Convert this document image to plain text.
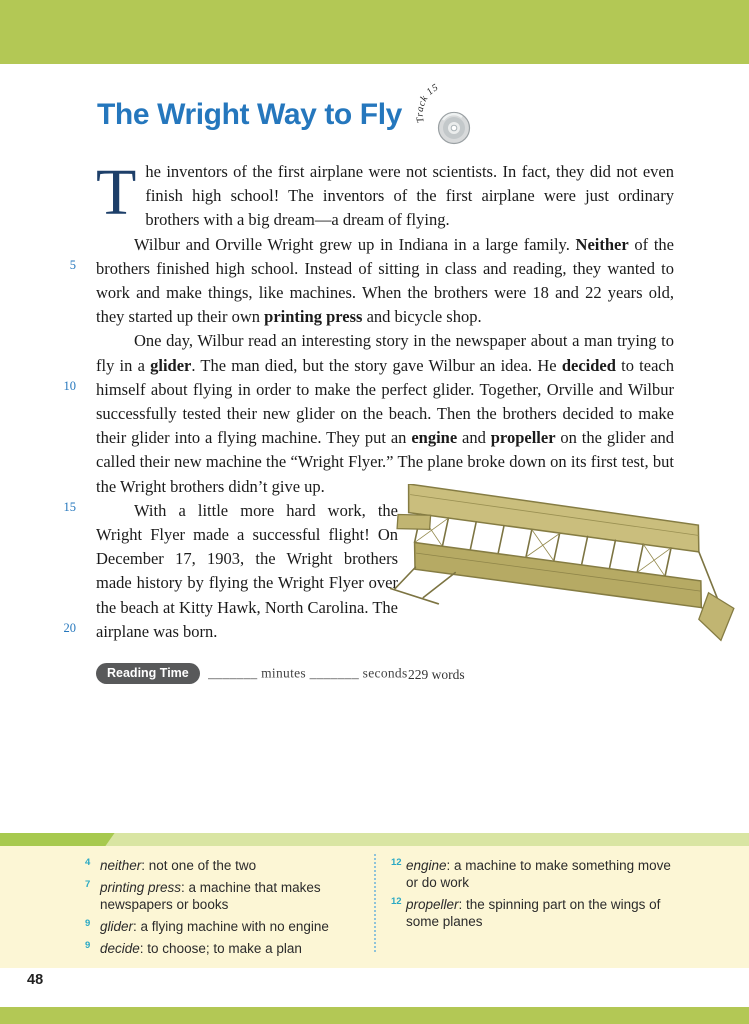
The Wright Way to Fly Track 15
5
10
15
20

The inventors of the first airplane were not scientists. In fact, they did not even finish high school! The inventors of the first airplane were just ordinary brothers with a big dream—a dream of flying.

Wilbur and Orville Wright grew up in Indiana in a large family. Neither of the brothers finished high school. Instead of sitting in class and reading, they wanted to work and make things, like machines. When the brothers were 18 and 22 years old, they started up their own printing press and bicycle shop.

One day, Wilbur read an interesting story in the newspaper about a man trying to fly in a glider. The man died, but the story gave Wilbur an idea. He decided to teach himself about flying in order to make the perfect glider. Together, Orville and Wilbur successfully tested their new glider on the beach. Then the brothers decided to make their glider into a flying machine. They put an engine and propeller on the glider and called their new machine the “Wright Flyer.” The plane broke down on its first test, but the Wright brothers didn’t give up.

With a little more hard work, the Wright Flyer made a successful flight! On December 17, 1903, the Wright brothers made history by flying the Wright Flyer over the beach at Kitty Hawk, North Carolina. The airplane was born.

Reading Time _______ minutes _______ seconds 229 words
4 neither: not one of the two
7 printing press: a machine that makes newspapers or books
9 glider: a flying machine with no engine
9 decide: to choose; to make a plan
12 engine: a machine to make something move or do work
12 propeller: the spinning part on the wings of some planes
48
